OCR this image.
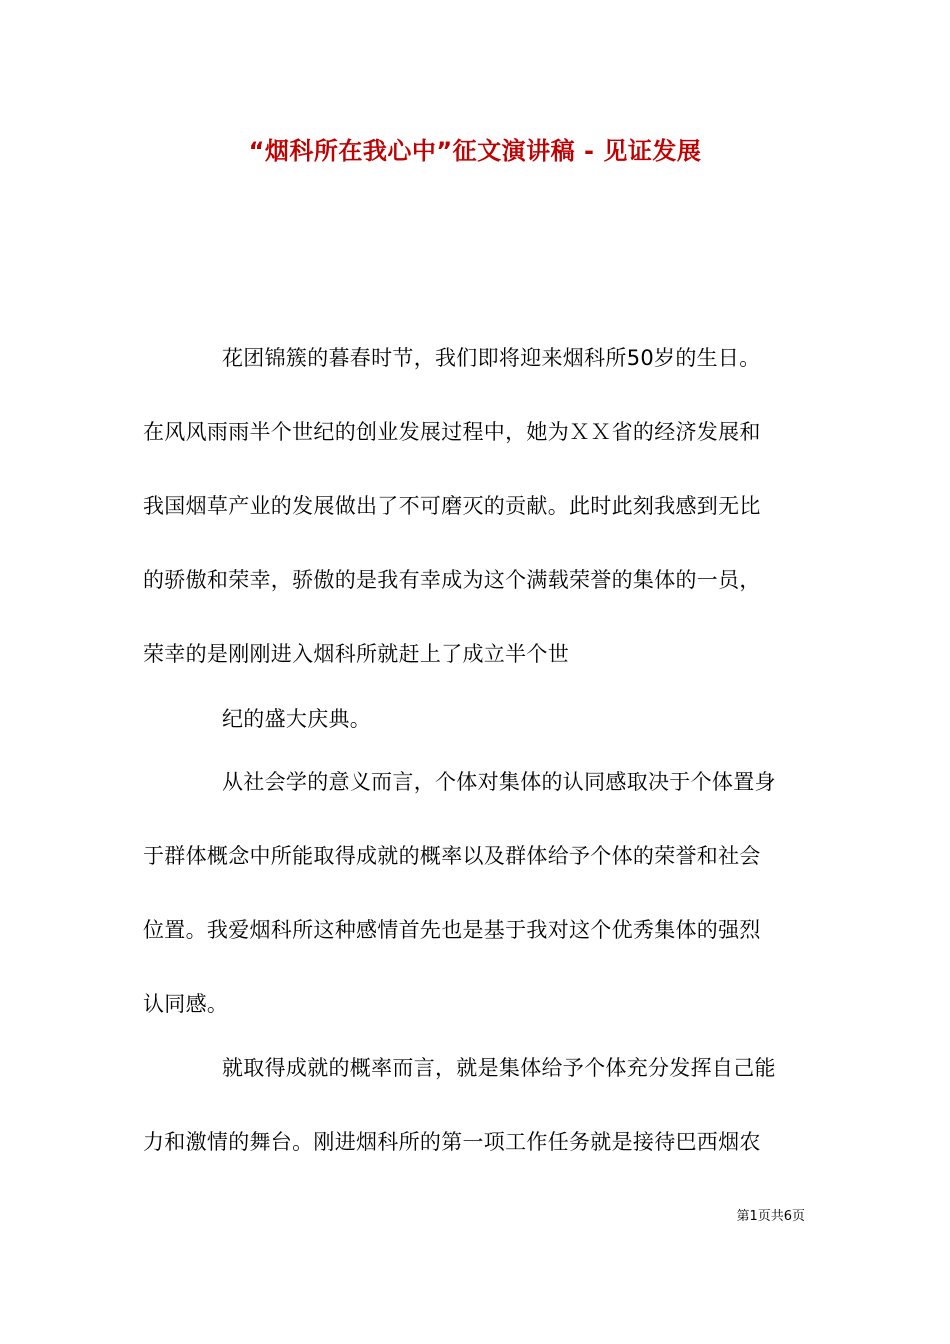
“烟科所在我心中”征文演讲稿 - 见证发展
花团锦簇的暮春时节，我们即将迎来烟科所50岁的生日。
在风风雨雨半个世纪的创业发展过程中，她为ＸＸ省的经济发展和
我国烟草产业的发展做出了不可磨灭的贡献。此时此刻我感到无比
的骄傲和荣幸，骄傲的是我有幸成为这个满载荣誉的集体的一员，
荣幸的是刚刚进入烟科所就赶上了成立半个世
纪的盛大庆典。
从社会学的意义而言，个体对集体的认同感取决于个体置身
于群体概念中所能取得成就的概率以及群体给予个体的荣誉和社会
位置。我爱烟科所这种感情首先也是基于我对这个优秀集体的强烈
认同感。
就取得成就的概率而言，就是集体给予个体充分发挥自己能
力和激情的舞台。刚进烟科所的第一项工作任务就是接待巴西烟农
第1页共6页
